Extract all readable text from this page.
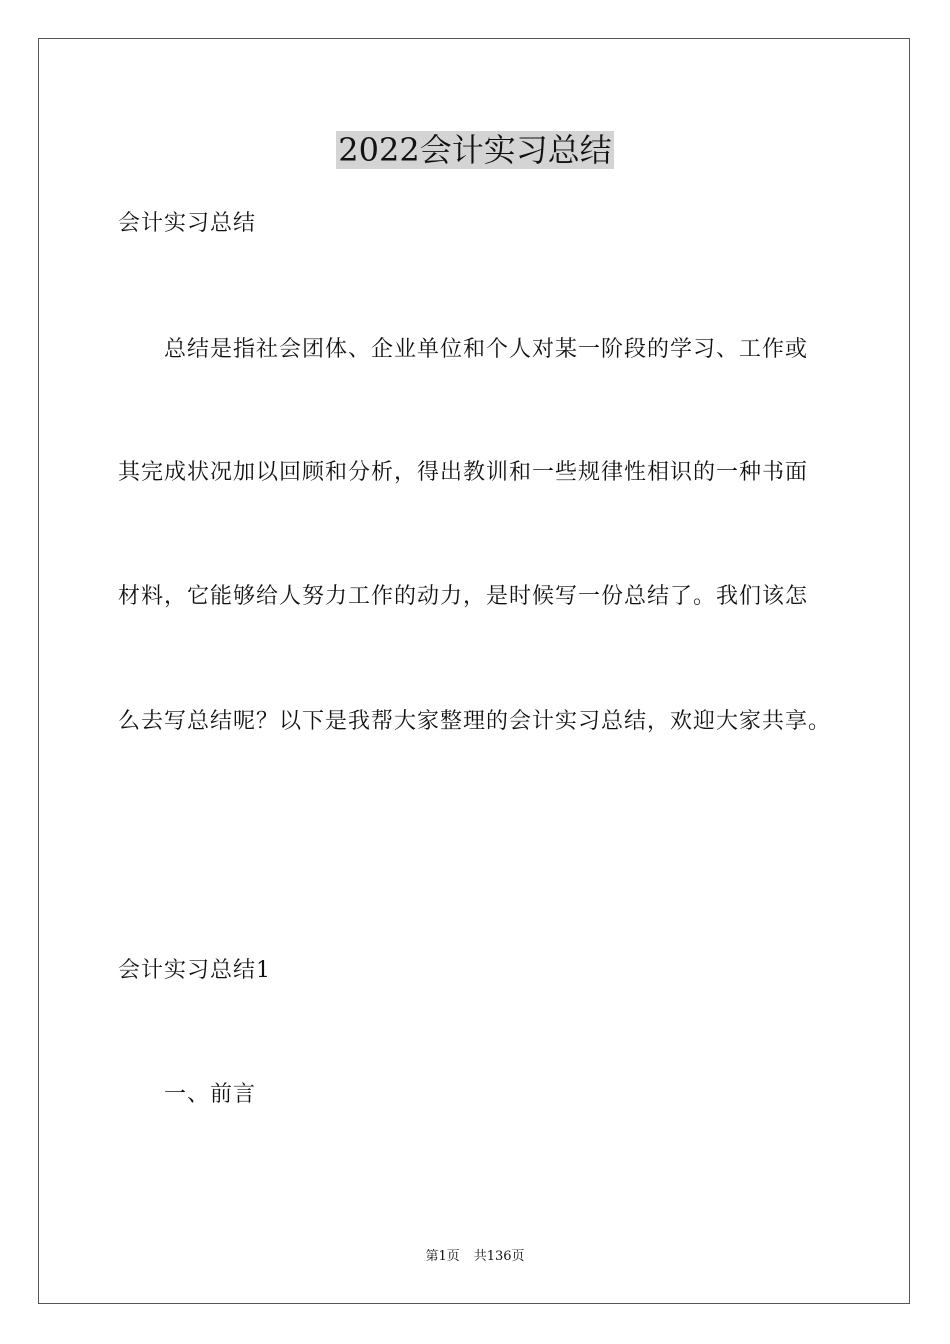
2022会计实习总结

会计实习总结

总结是指社会团体、企业单位和个人对某一阶段的学习、工作或

其完成状况加以回顾和分析，得出教训和一些规律性相识的一种书面

材料，它能够给人努力工作的动力，是时候写一份总结了。我们该怎

么去写总结呢？以下是我帮大家整理的会计实习总结，欢迎大家共享。

会计实习总结1

一、前言

第1页 共136页
